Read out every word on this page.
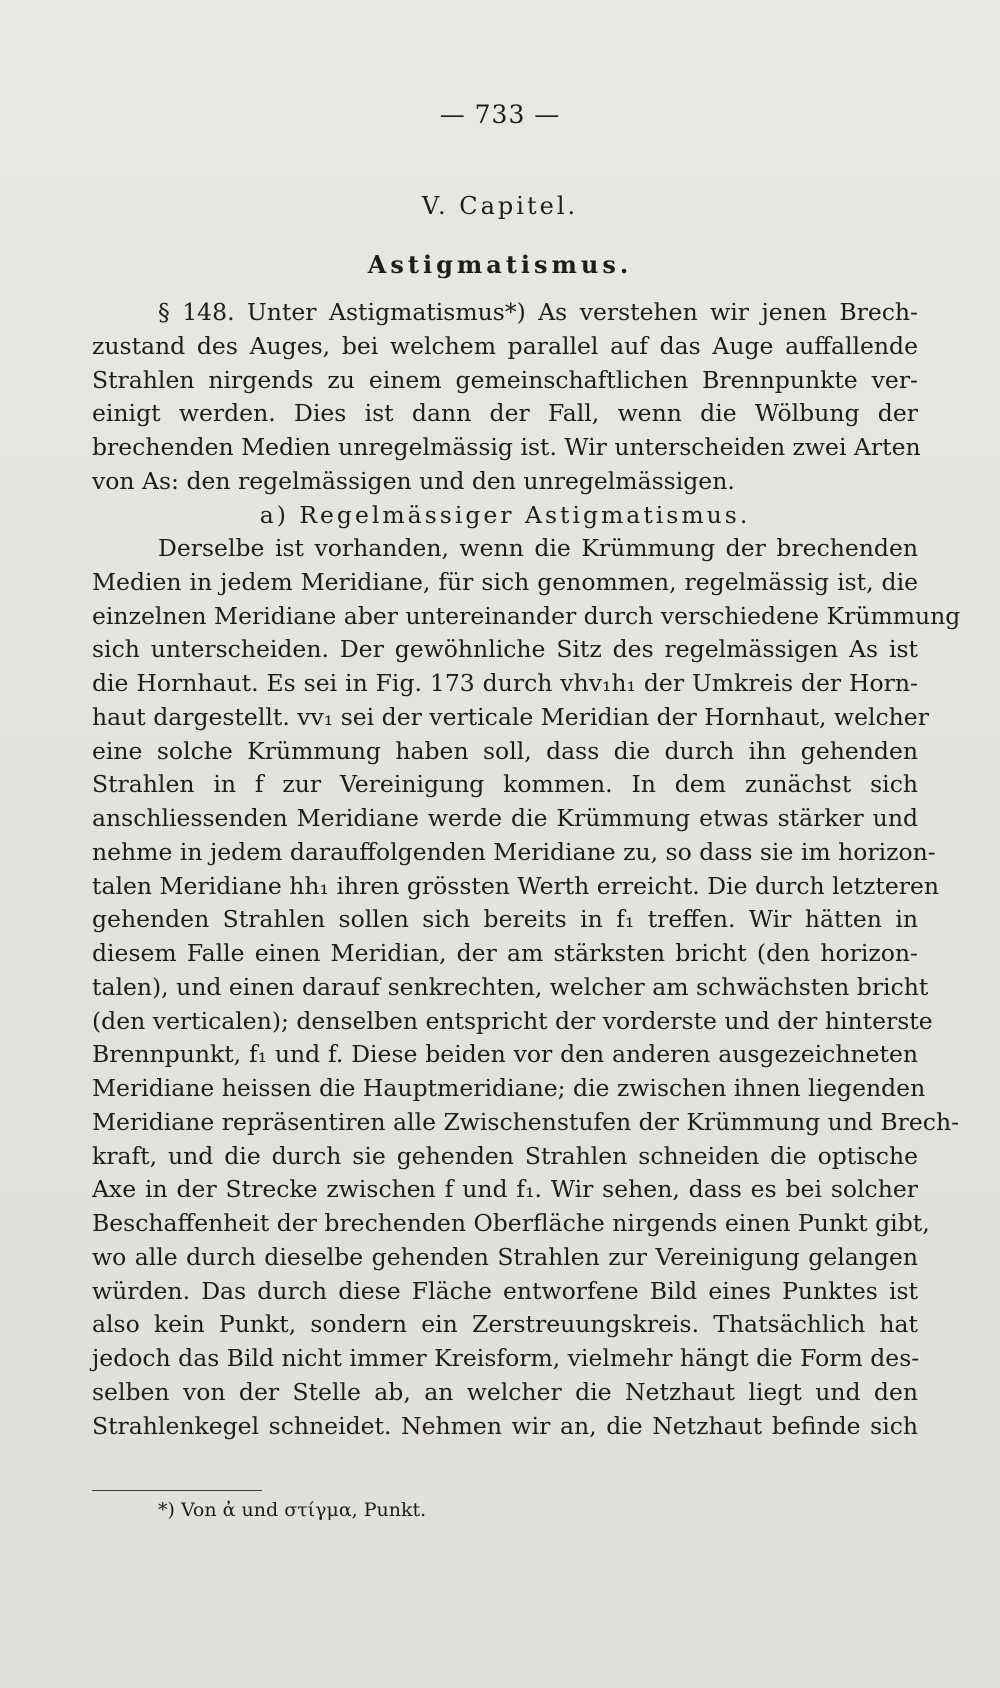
— 733 —
V. Capitel.
Astigmatismus.
§ 148. Unter Astigmatismus*) As verstehen wir jenen Brech-
zustand des Auges, bei welchem parallel auf das Auge auffallende
Strahlen nirgends zu einem gemeinschaftlichen Brennpunkte ver-
einigt werden. Dies ist dann der Fall, wenn die Wölbung der
brechenden Medien unregelmässig ist. Wir unterscheiden zwei Arten
von As: den regelmässigen und den unregelmässigen.
a) Regelmässiger Astigmatismus.
Derselbe ist vorhanden, wenn die Krümmung der brechenden
Medien in jedem Meridiane, für sich genommen, regelmässig ist, die
einzelnen Meridiane aber untereinander durch verschiedene Krümmung
sich unterscheiden. Der gewöhnliche Sitz des regelmässigen As ist
die Hornhaut. Es sei in Fig. 173 durch vhv₁h₁ der Umkreis der Horn-
haut dargestellt. vv₁ sei der verticale Meridian der Hornhaut, welcher
eine solche Krümmung haben soll, dass die durch ihn gehenden
Strahlen in f zur Vereinigung kommen. In dem zunächst sich
anschliessenden Meridiane werde die Krümmung etwas stärker und
nehme in jedem darauffolgenden Meridiane zu, so dass sie im horizon-
talen Meridiane hh₁ ihren grössten Werth erreicht. Die durch letzteren
gehenden Strahlen sollen sich bereits in f₁ treffen. Wir hätten in
diesem Falle einen Meridian, der am stärksten bricht (den horizon-
talen), und einen darauf senkrechten, welcher am schwächsten bricht
(den verticalen); denselben entspricht der vorderste und der hinterste
Brennpunkt, f₁ und f. Diese beiden vor den anderen ausgezeichneten
Meridiane heissen die Hauptmeridiane; die zwischen ihnen liegenden
Meridiane repräsentiren alle Zwischenstufen der Krümmung und Brech-
kraft, und die durch sie gehenden Strahlen schneiden die optische
Axe in der Strecke zwischen f und f₁. Wir sehen, dass es bei solcher
Beschaffenheit der brechenden Oberfläche nirgends einen Punkt gibt,
wo alle durch dieselbe gehenden Strahlen zur Vereinigung gelangen
würden. Das durch diese Fläche entworfene Bild eines Punktes ist
also kein Punkt, sondern ein Zerstreuungskreis. Thatsächlich hat
jedoch das Bild nicht immer Kreisform, vielmehr hängt die Form des-
selben von der Stelle ab, an welcher die Netzhaut liegt und den
Strahlenkegel schneidet. Nehmen wir an, die Netzhaut befinde sich
*) Von ἀ und στίγμα, Punkt.
